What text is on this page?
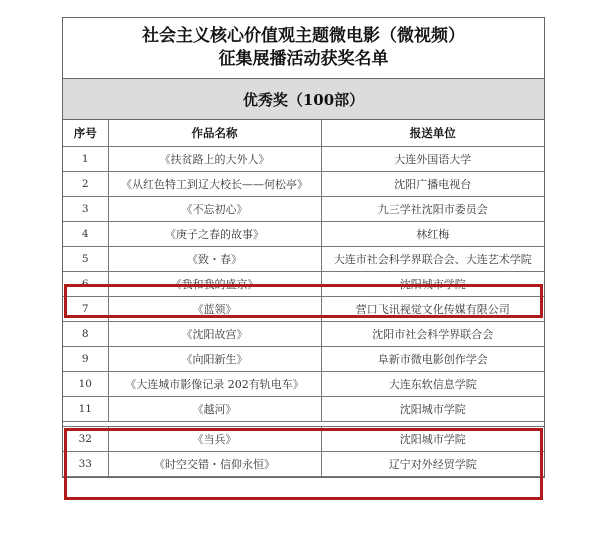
社会主义核心价值观主题微电影（微视频）
征集展播活动获奖名单
优秀奖（100部）
序号	作品名称	报送单位
1	《扶贫路上的大外人》	大连外国语大学
2	《从红色特工到辽大校长——何松亭》	沈阳广播电视台
3	《不忘初心》	九三学社沈阳市委员会
4	《庚子之春的故事》	林红梅
5	《致・春》	大连市社会科学界联合会、大连艺术学院
6	《我和我的盛京》	沈阳城市学院
7	《蓝领》	营口飞讯视觉文化传媒有限公司
8	《沈阳故宫》	沈阳市社会科学界联合会
9	《向阳新生》	阜新市微电影创作学会
10	《大连城市影像记录 202有轨电车》	大连东软信息学院
11	《越河》	沈阳城市学院

32	《当兵》	沈阳城市学院
33	《时空交错・信仰永恒》	辽宁对外经贸学院
